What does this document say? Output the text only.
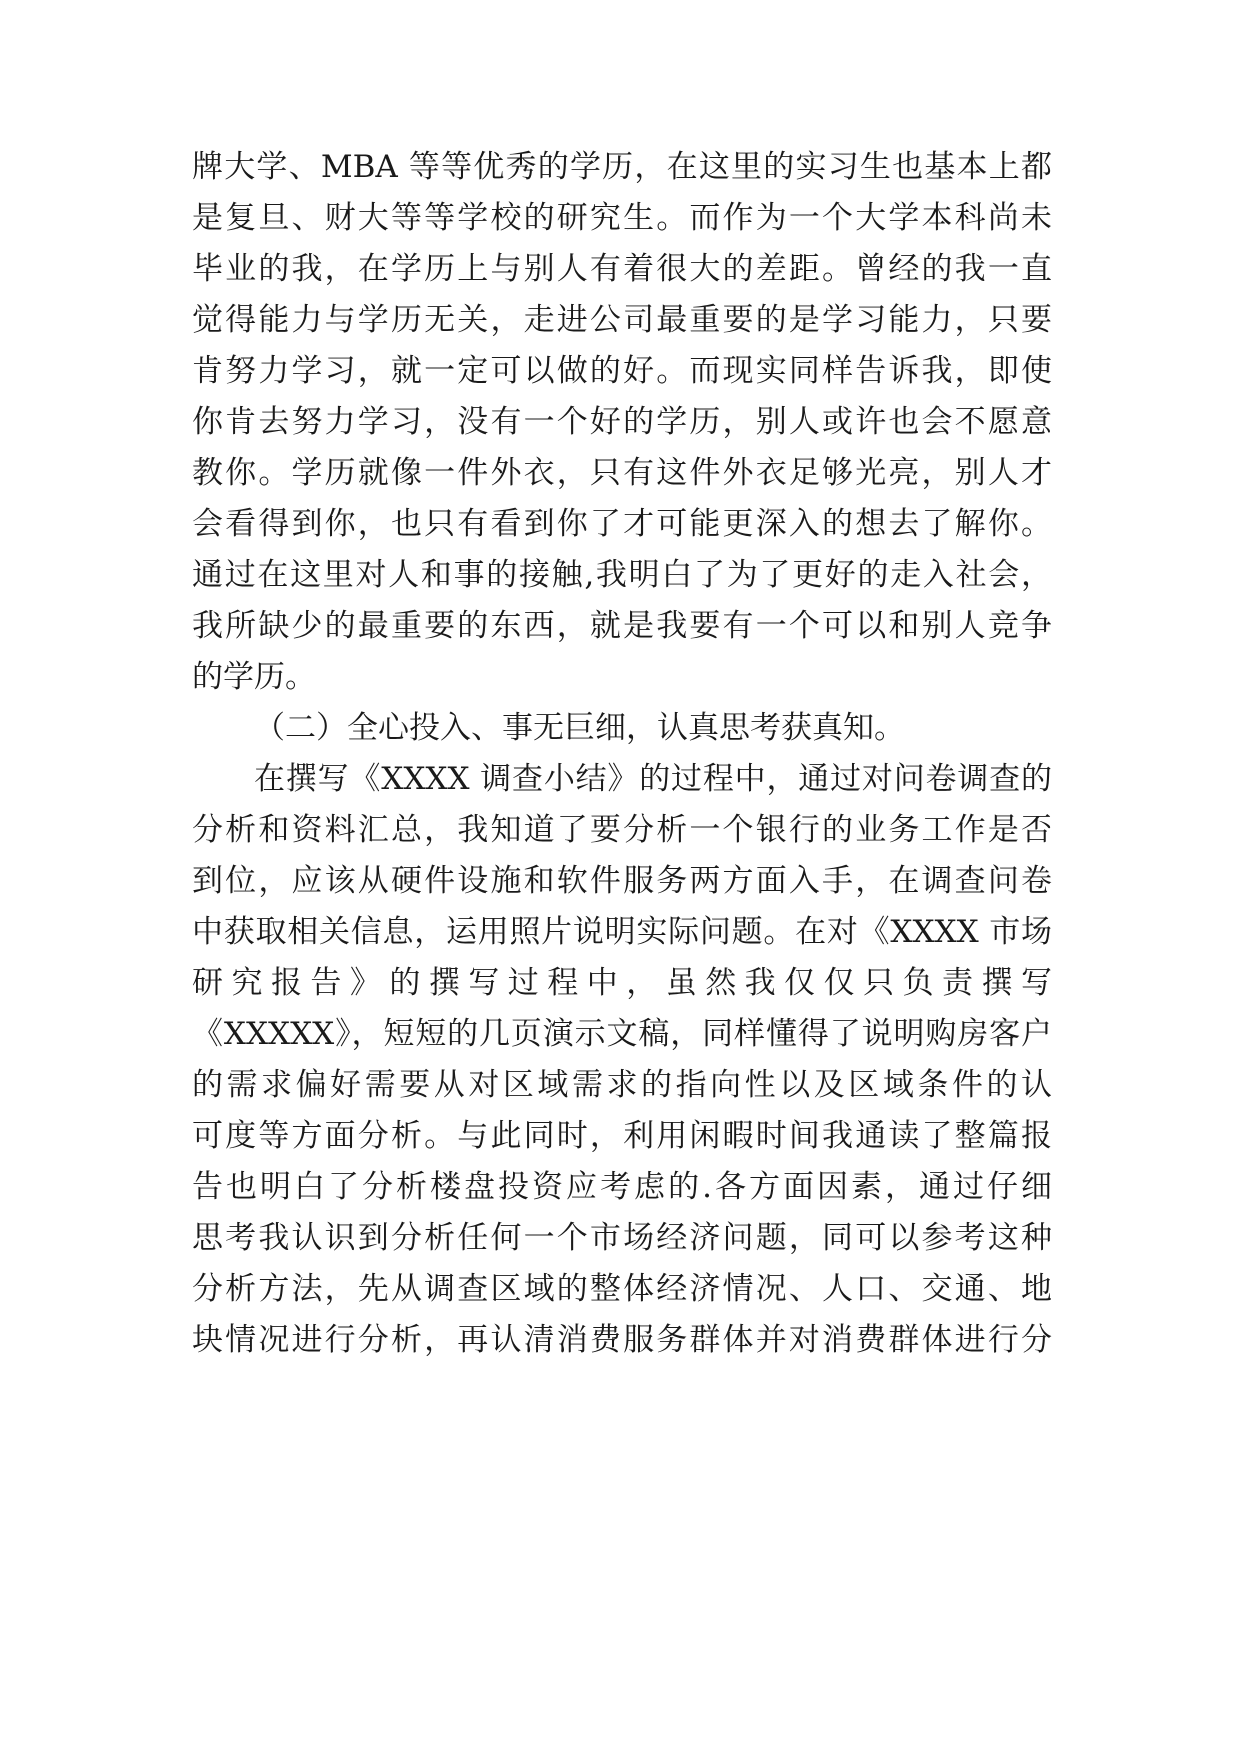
牌大学、MBA 等等优秀的学历，在这里的实习生也基本上都
是复旦、财大等等学校的研究生。而作为一个大学本科尚未
毕业的我，在学历上与别人有着很大的差距。曾经的我一直
觉得能力与学历无关，走进公司最重要的是学习能力，只要
肯努力学习，就一定可以做的好。而现实同样告诉我，即使
你肯去努力学习，没有一个好的学历，别人或许也会不愿意
教你。学历就像一件外衣，只有这件外衣足够光亮，别人才
会看得到你，也只有看到你了才可能更深入的想去了解你。
通过在这里对人和事的接触,我明白了为了更好的走入社会，
我所缺少的最重要的东西，就是我要有一个可以和别人竞争
的学历。
（二）全心投入、事无巨细，认真思考获真知。
在撰写《XXXX 调查小结》的过程中，通过对问卷调查的
分析和资料汇总，我知道了要分析一个银行的业务工作是否
到位，应该从硬件设施和软件服务两方面入手，在调查问卷
中获取相关信息，运用照片说明实际问题。在对《XXXX 市场
研究报告》的撰写过程中，虽然我仅仅只负责撰写
《XXXXX》，短短的几页演示文稿，同样懂得了说明购房客户
的需求偏好需要从对区域需求的指向性以及区域条件的认
可度等方面分析。与此同时，利用闲暇时间我通读了整篇报
告也明白了分析楼盘投资应考虑的.各方面因素，通过仔细
思考我认识到分析任何一个市场经济问题，同可以参考这种
分析方法，先从调查区域的整体经济情况、人口、交通、地
块情况进行分析，再认清消费服务群体并对消费群体进行分
